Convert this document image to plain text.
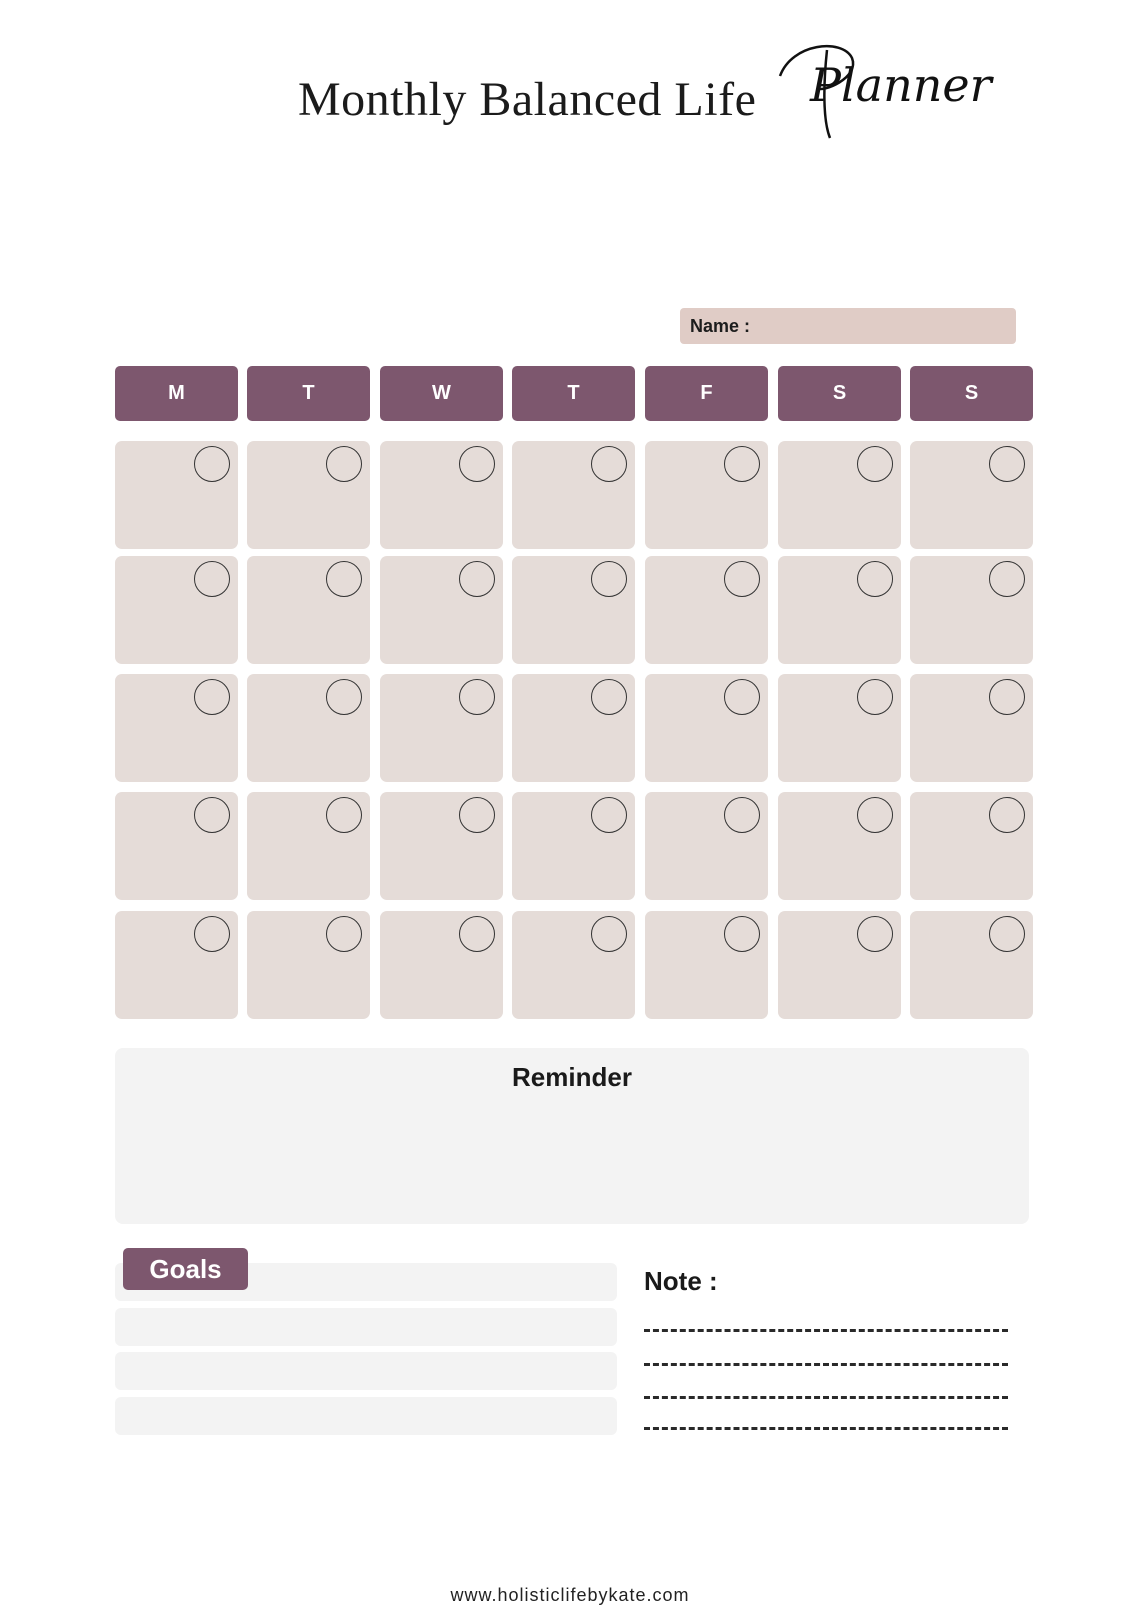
Monthly Balanced Life Planner
Name :
M	T	W	T	F	S	S
Reminder
Goals	Note :
www.holisticlifebykate.com
